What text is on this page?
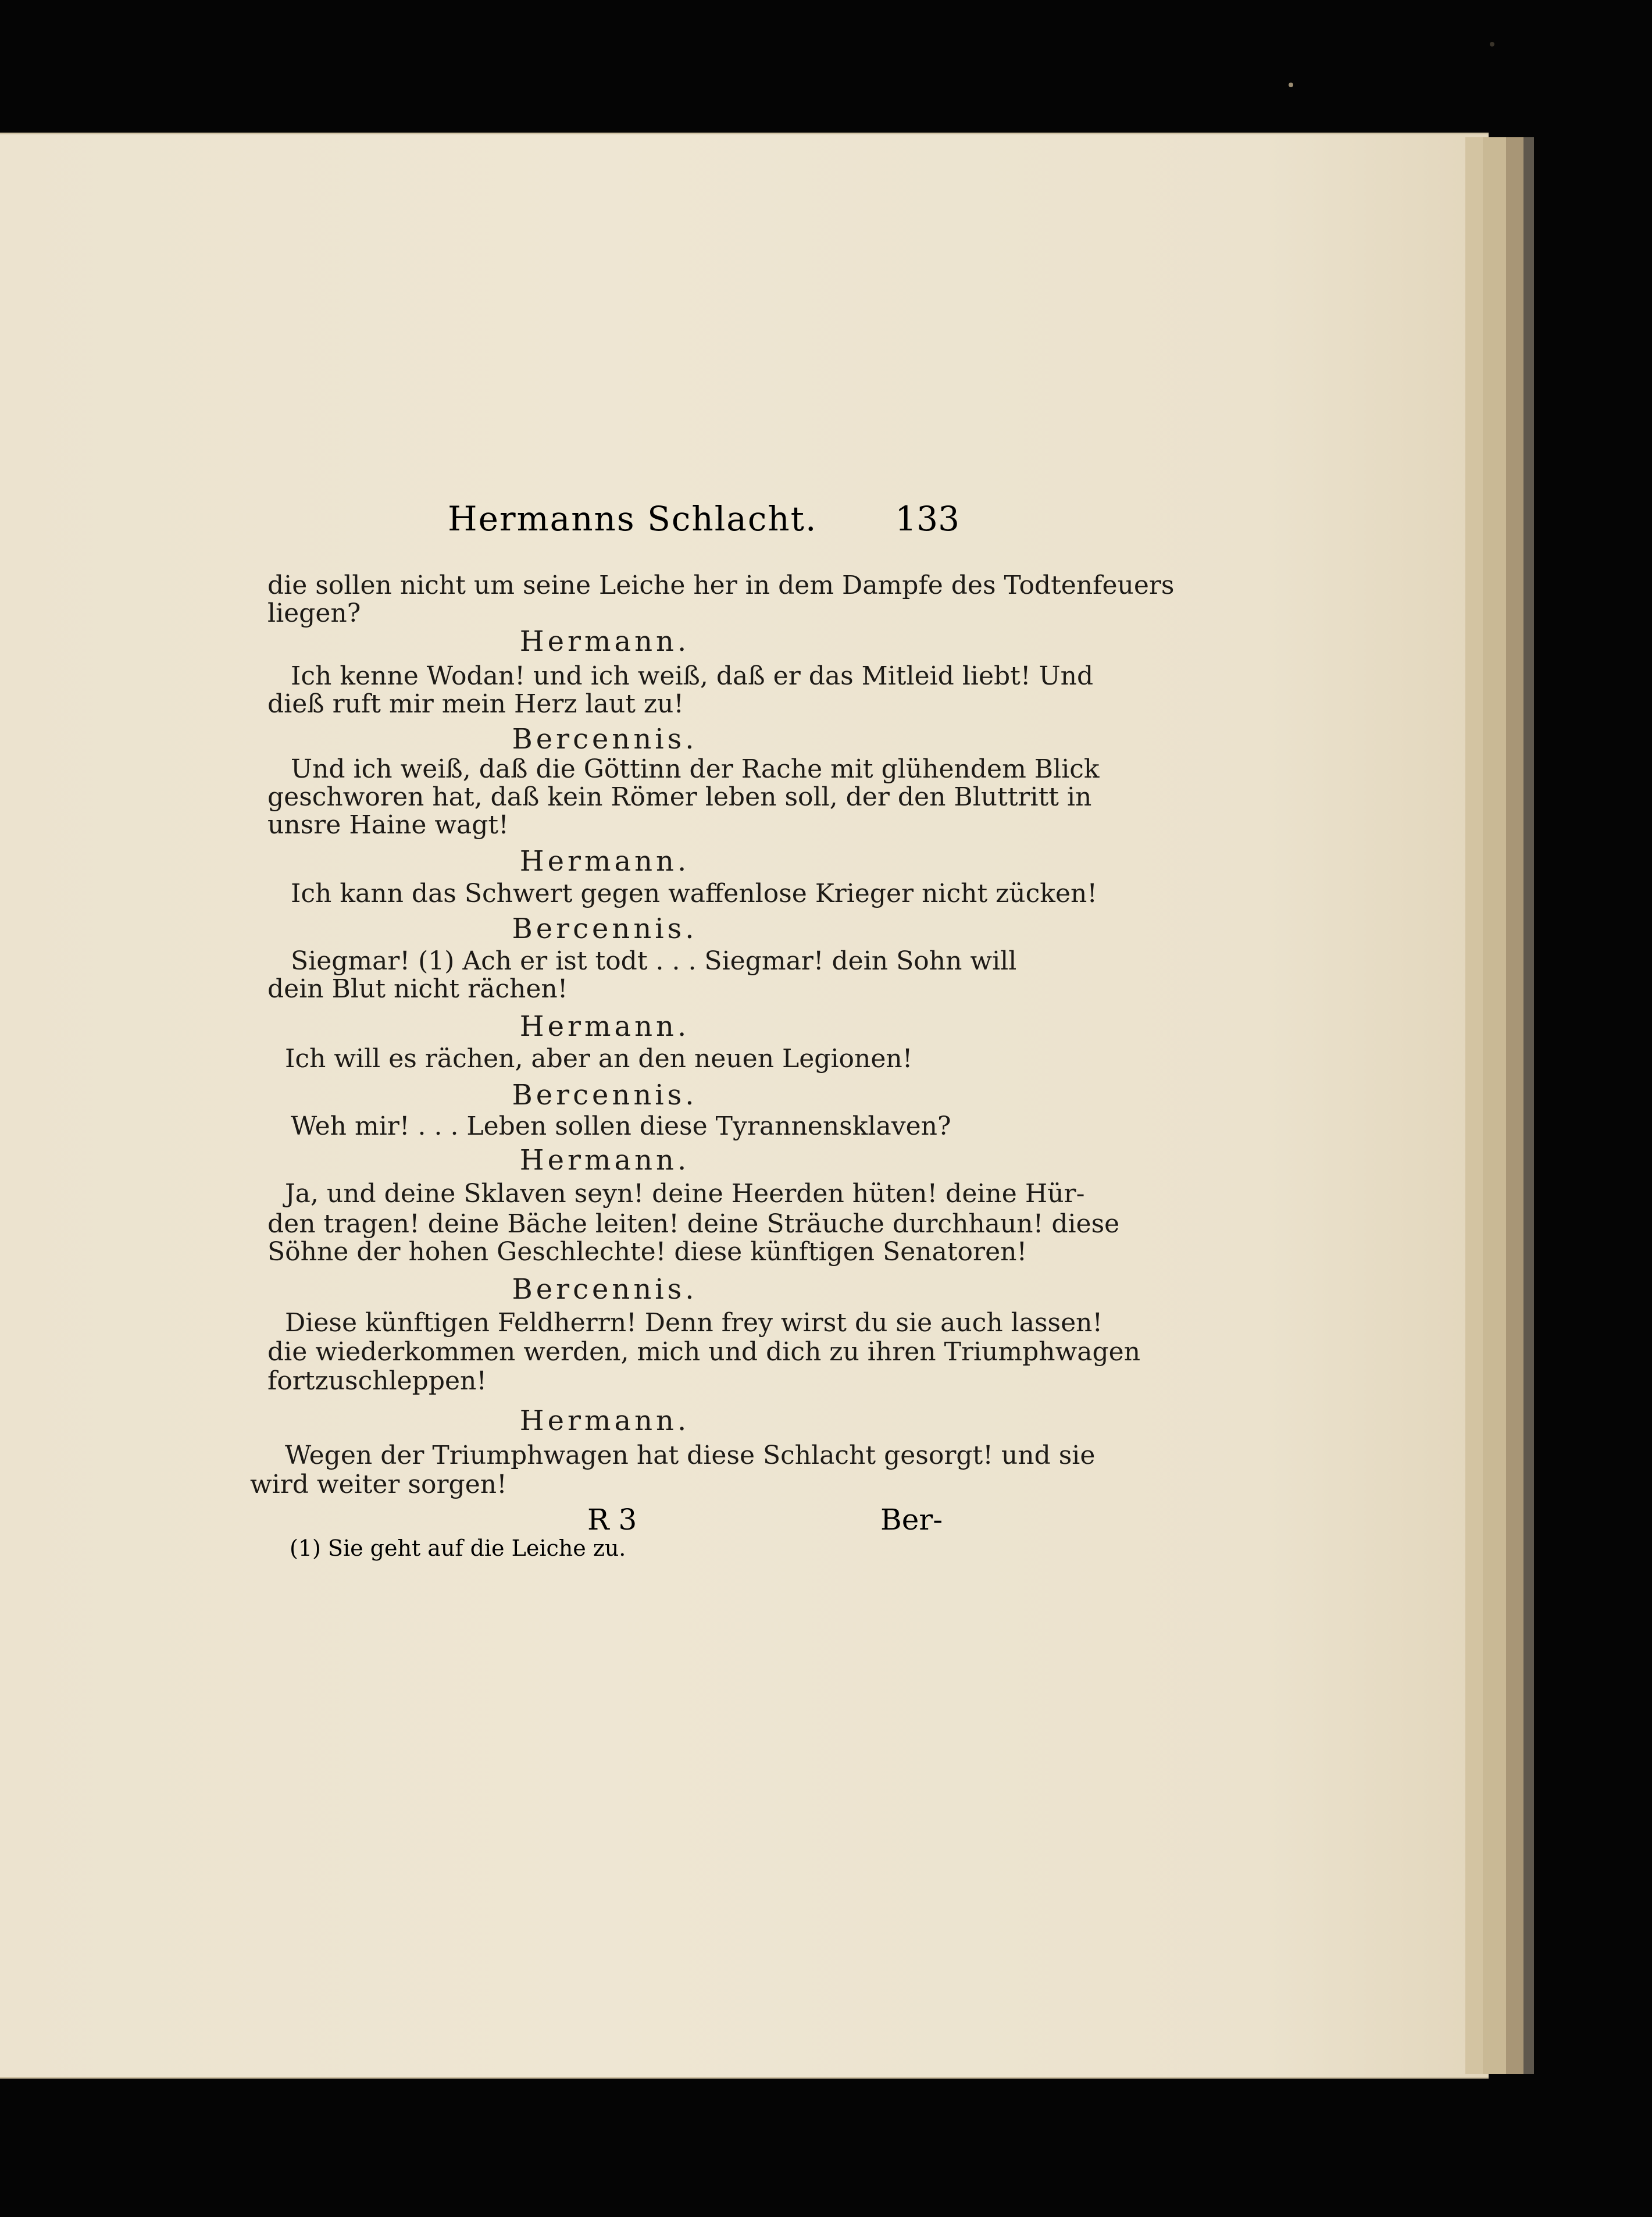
Hermanns Schlacht. 133
die sollen nicht um seine Leiche her in dem Dampfe des Todtenfeuers
liegen?
Hermann.
Ich kenne Wodan! und ich weiß, daß er das Mitleid liebt! Und
dieß ruft mir mein Herz laut zu!
Bercennis.
Und ich weiß, daß die Göttinn der Rache mit glühendem Blick
geschworen hat, daß kein Römer leben soll, der den Bluttritt in
unsre Haine wagt!
Hermann.
Ich kann das Schwert gegen waffenlose Krieger nicht zücken!
Bercennis.
Siegmar! (1) Ach er ist todt . . . Siegmar! dein Sohn will
dein Blut nicht rächen!
Hermann.
Ich will es rächen, aber an den neuen Legionen!
Bercennis.
Weh mir! . . . Leben sollen diese Tyrannensklaven?
Hermann.
Ja, und deine Sklaven seyn! deine Heerden hüten! deine Hür-
den tragen! deine Bäche leiten! deine Sträuche durchhaun! diese
Söhne der hohen Geschlechte! diese künftigen Senatoren!
Bercennis.
Diese künftigen Feldherrn! Denn frey wirst du sie auch lassen!
die wiederkommen werden, mich und dich zu ihren Triumphwagen
fortzuschleppen!
Hermann.
Wegen der Triumphwagen hat diese Schlacht gesorgt! und sie
wird weiter sorgen!
R 3	Ber-
(1) Sie geht auf die Leiche zu.
